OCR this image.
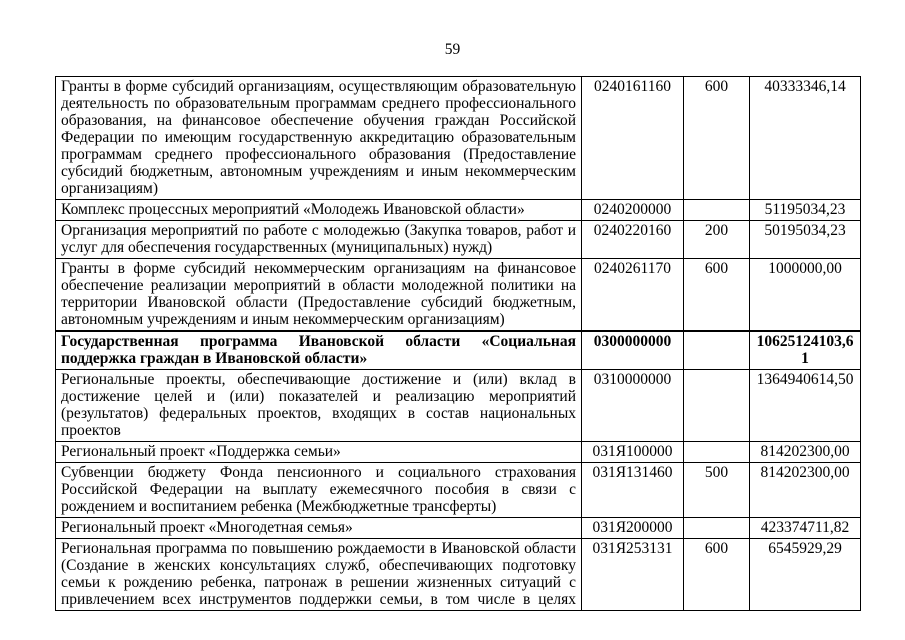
59
Гранты в форме субсидий организациям, осуществляющим образовательную деятельность по образовательным программам среднего профессионального образования, на финансовое обеспечение обучения граждан Российской Федерации по имеющим государственную аккредитацию образовательным программам среднего профессионального образования (Предоставление субсидий бюджетным, автономным учреждениям и иным некоммерческим организациям)	0240161160	600	40333346,14
Комплекс процессных мероприятий «Молодежь Ивановской области»	0240200000		51195034,23
Организация мероприятий по работе с молодежью (Закупка товаров, работ и услуг для обеспечения государственных (муниципальных) нужд)	0240220160	200	50195034,23
Гранты в форме субсидий некоммерческим организациям на финансовое обеспечение реализации мероприятий в области молодежной политики на территории Ивановской области (Предоставление субсидий бюджетным, автономным учреждениям и иным некоммерческим организациям)	0240261170	600	1000000,00
Государственная программа Ивановской области «Социальная поддержка граждан в Ивановской области»	0300000000		10625124103,61
Региональные проекты, обеспечивающие достижение и (или) вклад в достижение целей и (или) показателей и реализацию мероприятий (результатов) федеральных проектов, входящих в состав национальных проектов	0310000000		1364940614,50
Региональный проект «Поддержка семьи»	031Я100000		814202300,00
Субвенции бюджету Фонда пенсионного и социального страхования Российской Федерации на выплату ежемесячного пособия в связи с рождением и воспитанием ребенка (Межбюджетные трансферты)	031Я131460	500	814202300,00
Региональный проект «Многодетная семья»	031Я200000		423374711,82
Региональная программа по повышению рождаемости в Ивановской области (Создание в женских консультациях служб, обеспечивающих подготовку семьи к рождению ребенка, патронаж в решении жизненных ситуаций с привлечением всех инструментов поддержки семьи, в том числе в целях	031Я253131	600	6545929,29
